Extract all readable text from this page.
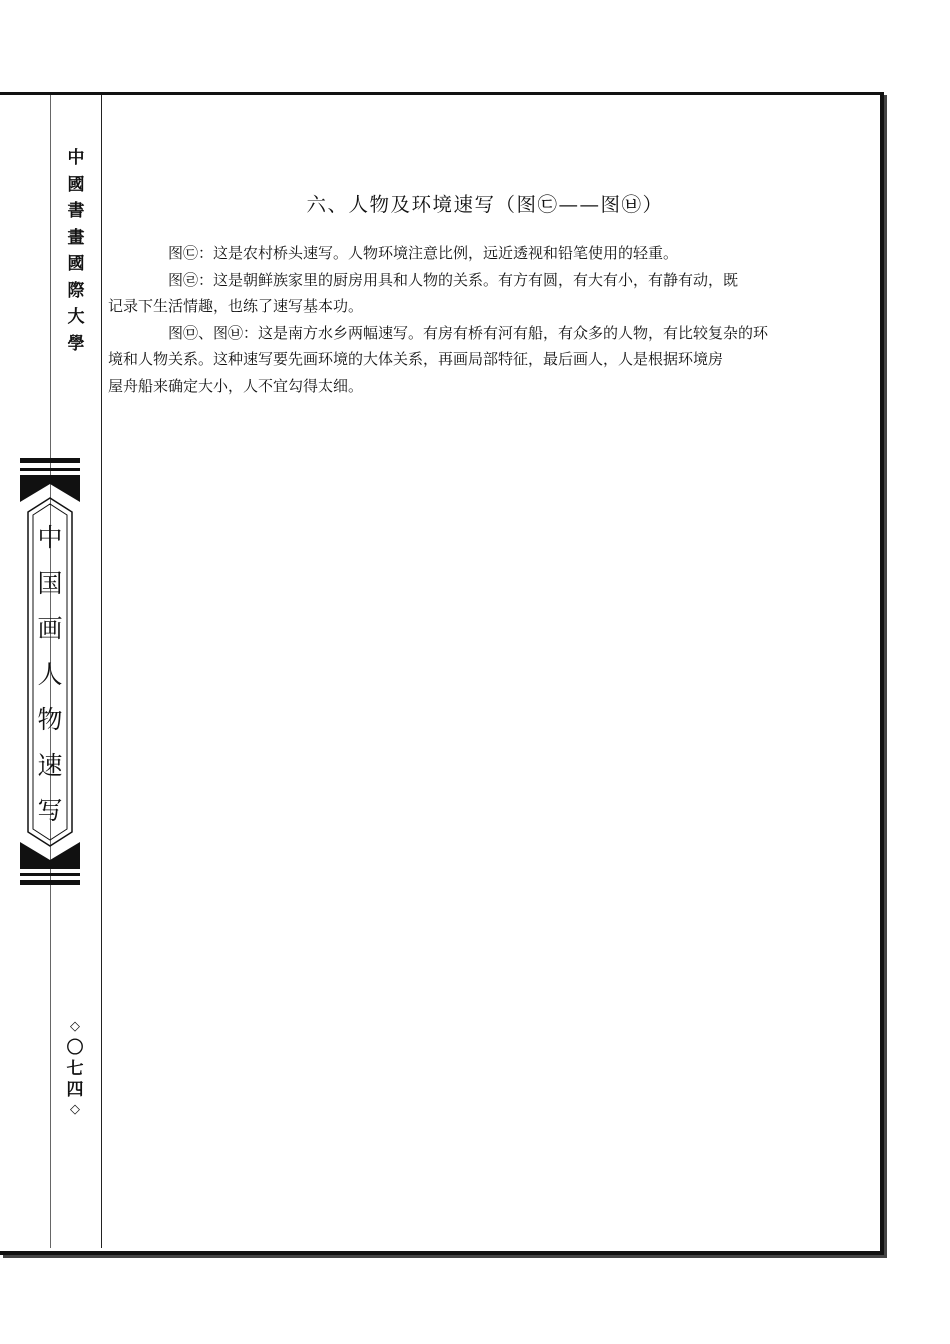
中
國
書
畫
國
際
大
學
中
国
画
人
物
速
写
◇
〇
七
四
◇
六、人物及环境速写（图㉢——图㉥）

图㉢：这是农村桥头速写。人物环境注意比例，远近透视和铅笔使用的轻重。

图㉣：这是朝鲜族家里的厨房用具和人物的关系。有方有圆，有大有小，有静有动，既
记录下生活情趣，也练了速写基本功。

图㉤、图㉥：这是南方水乡两幅速写。有房有桥有河有船，有众多的人物，有比较复杂的环
境和人物关系。这种速写要先画环境的大体关系，再画局部特征，最后画人，人是根据环境房
屋舟船来确定大小，人不宜勾得太细。
